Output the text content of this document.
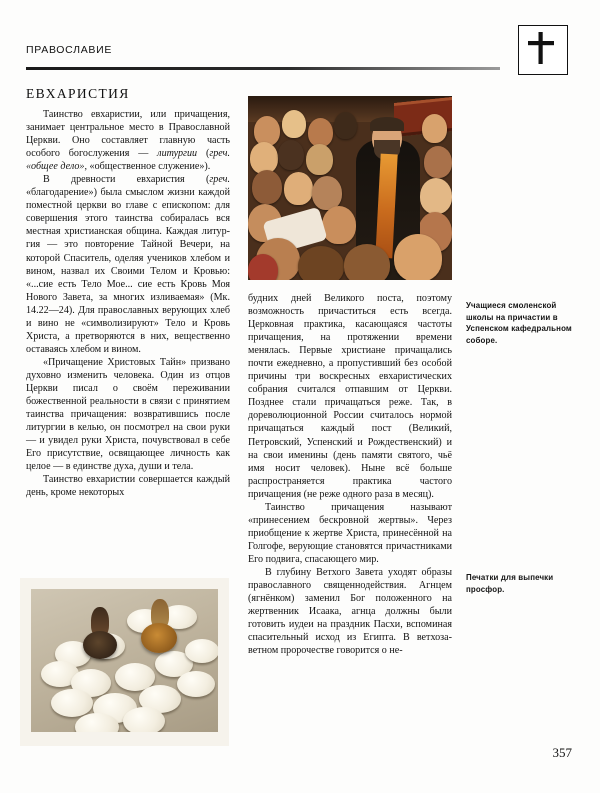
ПРАВОСЛАВИЕ
ЕВХАРИСТИЯ

Таинство евхаристии, или причащения, занимает центральное место в Православной Церкви. Оно составляет главную часть особого богослужения — литургии (греч. «общее дело», «общественное служение»).

В древности евхаристия (греч. «благодарение») была смыслом жизни каждой поместной церкви во главе с епископом: для совершения этого таинства собиралась вся местная христианская община. Каждая литургия — это повторение Тайной Вечери, на которой Спаситель, оделяя учеников хлебом и вином, назвал их Своими Телом и Кровью: «...сие есть Тело Мое... сие есть Кровь Моя Нового Завета, за многих изливаемая» (Мк. 14.22—24). Для православных верующих хлеб и вино не «символизируют» Тело и Кровь Христа, а претворяются в них, вещественно оставаясь хлебом и вином.

«Причащение Христовых Тайн» призвано духовно изменить человека. Один из отцов Церкви писал о своём переживании божественной реальности в связи с принятием таинства причащения: возвратившись после литургии в келью, он посмотрел на свои руки — и увидел руки Христа, почувствовал в себе Его присутствие, освящающее личность как целое — в единстве духа, души и тела.

Таинство евхаристии совершается каждый день, кроме некоторых

будних дней Великого поста, поэтому возможность причаститься есть всегда. Церковная практика, касающаяся частоты причащения, на протяжении времени менялась. Первые христиане причащались почти ежедневно, а пропустивший без особой причины три воскресных евхаристических собрания считался отпавшим от Церкви. Позднее стали причащаться реже. Так, в дореволюционной России считалось нормой причащаться каждый пост (Великий, Петровский, Успенский и Рождественский) и на свои именины (день памяти святого, чьё имя носит человек). Ныне всё больше распространяется практика частого причащения (не реже одного раза в месяц).

Таинство причащения называют «принесением бескровной жертвы». Через приобщение к жертве Христа, принесённой на Голгофе, верующие становятся причастниками Его подвига, спасающего мир.

В глубину Ветхого Завета уходят образы православного священнодействия. Агнцем (ягнёнком) заменил Бог положенного на жертвенник Исаака, агнца должны были готовить иудеи на праздник Пасхи, вспоминая спасительный исход из Египта. В ветхозаветном пророчестве говорится о не-

Учащиеся смоленской школы на причастии в Успенском кафедральном соборе.
Печатки для выпечки просфор.
357
